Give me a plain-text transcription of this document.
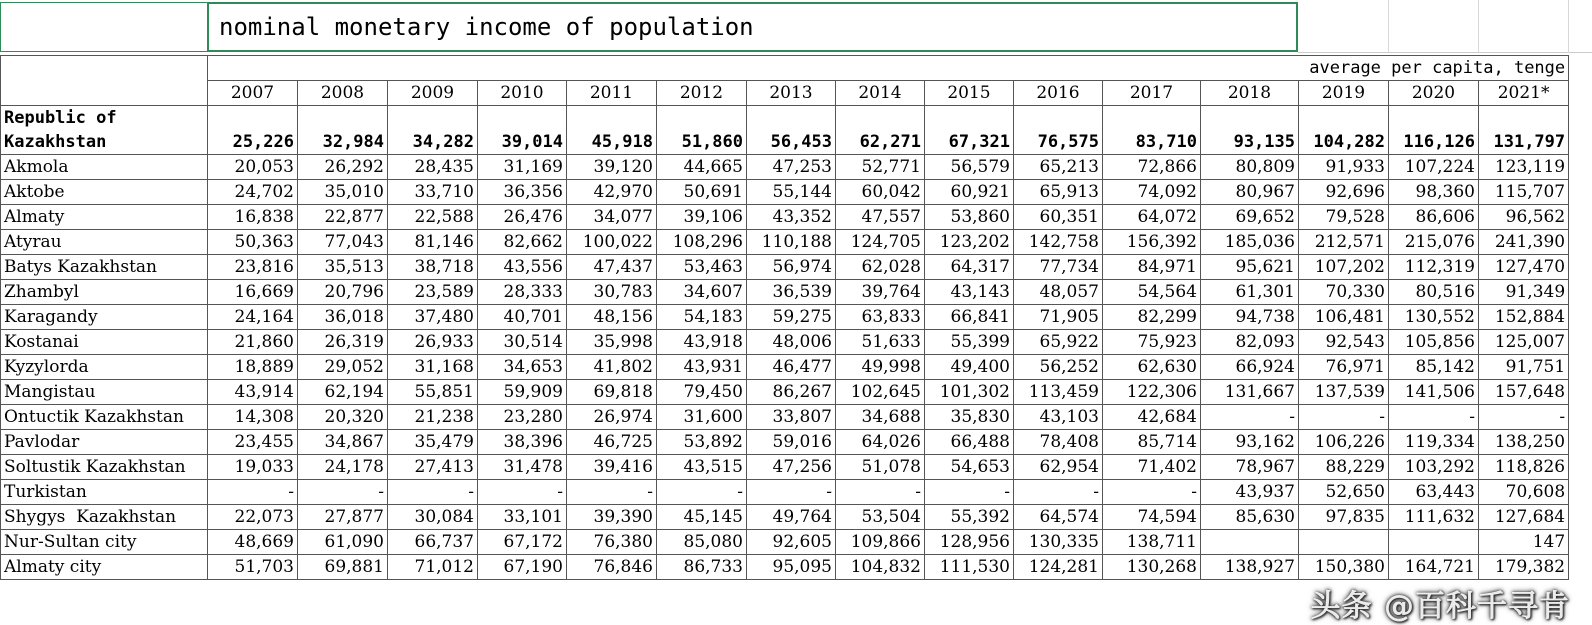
nominal monetary income of population
	average per capita, tenge														
	2007	2008	2009	2010	2011	2012	2013	2014	2015	2016	2017	2018	2019	2020	2021*
Republic of Kazakhstan	25,226	32,984	34,282	39,014	45,918	51,860	56,453	62,271	67,321	76,575	83,710	93,135	104,282	116,126	131,797
Akmola	20,053	26,292	28,435	31,169	39,120	44,665	47,253	52,771	56,579	65,213	72,866	80,809	91,933	107,224	123,119
Aktobe	24,702	35,010	33,710	36,356	42,970	50,691	55,144	60,042	60,921	65,913	74,092	80,967	92,696	98,360	115,707
Almaty	16,838	22,877	22,588	26,476	34,077	39,106	43,352	47,557	53,860	60,351	64,072	69,652	79,528	86,606	96,562
Atyrau	50,363	77,043	81,146	82,662	100,022	108,296	110,188	124,705	123,202	142,758	156,392	185,036	212,571	215,076	241,390
Batys Kazakhstan	23,816	35,513	38,718	43,556	47,437	53,463	56,974	62,028	64,317	77,734	84,971	95,621	107,202	112,319	127,470
Zhambyl	16,669	20,796	23,589	28,333	30,783	34,607	36,539	39,764	43,143	48,057	54,564	61,301	70,330	80,516	91,349
Karagandy	24,164	36,018	37,480	40,701	48,156	54,183	59,275	63,833	66,841	71,905	82,299	94,738	106,481	130,552	152,884
Kostanai	21,860	26,319	26,933	30,514	35,998	43,918	48,006	51,633	55,399	65,922	75,923	82,093	92,543	105,856	125,007
Kyzylorda	18,889	29,052	31,168	34,653	41,802	43,931	46,477	49,998	49,400	56,252	62,630	66,924	76,971	85,142	91,751
Mangistau	43,914	62,194	55,851	59,909	69,818	79,450	86,267	102,645	101,302	113,459	122,306	131,667	137,539	141,506	157,648
Ontuctik Kazakhstan	14,308	20,320	21,238	23,280	26,974	31,600	33,807	34,688	35,830	43,103	42,684	-	-	-	-
Pavlodar	23,455	34,867	35,479	38,396	46,725	53,892	59,016	64,026	66,488	78,408	85,714	93,162	106,226	119,334	138,250
Soltustik Kazakhstan	19,033	24,178	27,413	31,478	39,416	43,515	47,256	51,078	54,653	62,954	71,402	78,967	88,229	103,292	118,826
Turkistan	-	-	-	-	-	-	-	-	-	-	-	43,937	52,650	63,443	70,608
Shygys  Kazakhstan	22,073	27,877	30,084	33,101	39,390	45,145	49,764	53,504	55,392	64,574	74,594	85,630	97,835	111,632	127,684
Nur-Sultan city	48,669	61,090	66,737	67,172	76,380	85,080	92,605	109,866	128,956	130,335	138,711				147
Almaty city	51,703	69,881	71,012	67,190	76,846	86,733	95,095	104,832	111,530	124,281	130,268	138,927	150,380	164,721	179,382
头条 @百科千寻肯
